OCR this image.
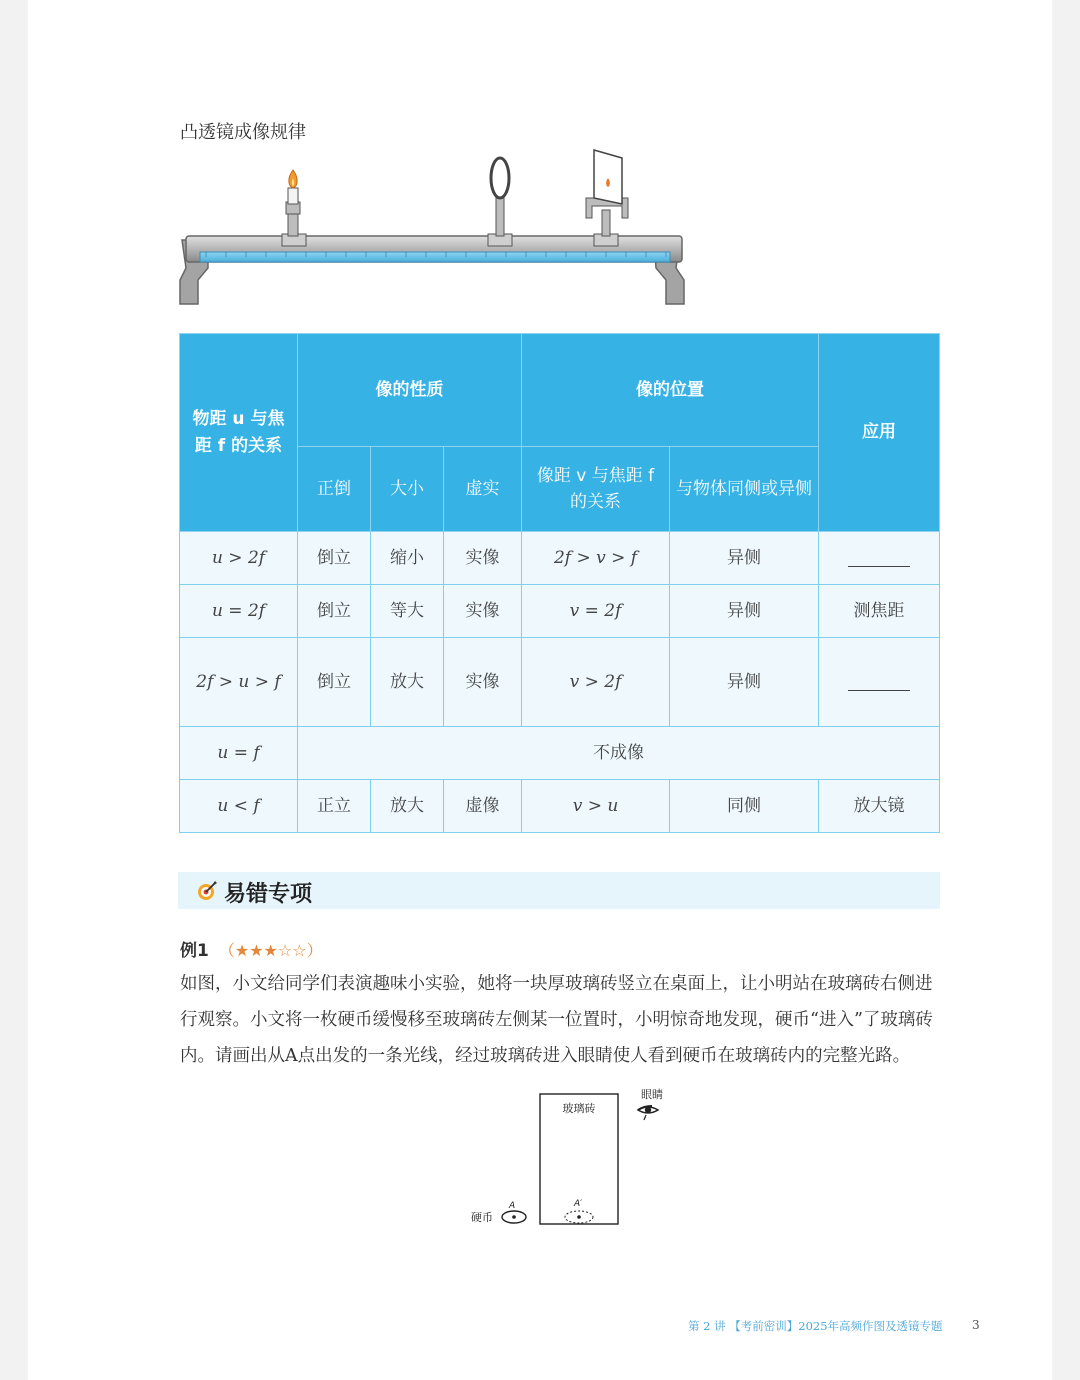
凸透镜成像规律
物距 u 与焦距 f 的关系	像的性质			像的位置		应用
	正倒	大小	虚实	像距 v 与焦距 f 的关系	与物体同侧或异侧	
u > 2f	倒立	缩小	实像	2f > v > f	异侧	
u = 2f	倒立	等大	实像	v = 2f	异侧	测焦距
2f > u > f	倒立	放大	实像	v > 2f	异侧	
u = f	不成像					
u < f	正立	放大	虚像	v > u	同侧	放大镜
易错专项
例1 （★★★☆☆）
如图，小文给同学们表演趣味小实验，她将一块厚玻璃砖竖立在桌面上，让小明站在玻璃砖右侧进行观察。小文将一枚硬币缓慢移至玻璃砖左侧某一位置时，小明惊奇地发现，硬币“进入”了玻璃砖内。请画出从A点出发的一条光线，经过玻璃砖进入眼睛使人看到硬币在玻璃砖内的完整光路。
玻璃砖
眼睛
硬币
A	A′
第 2 讲 【考前密训】2025年高频作图及透镜专题 3
